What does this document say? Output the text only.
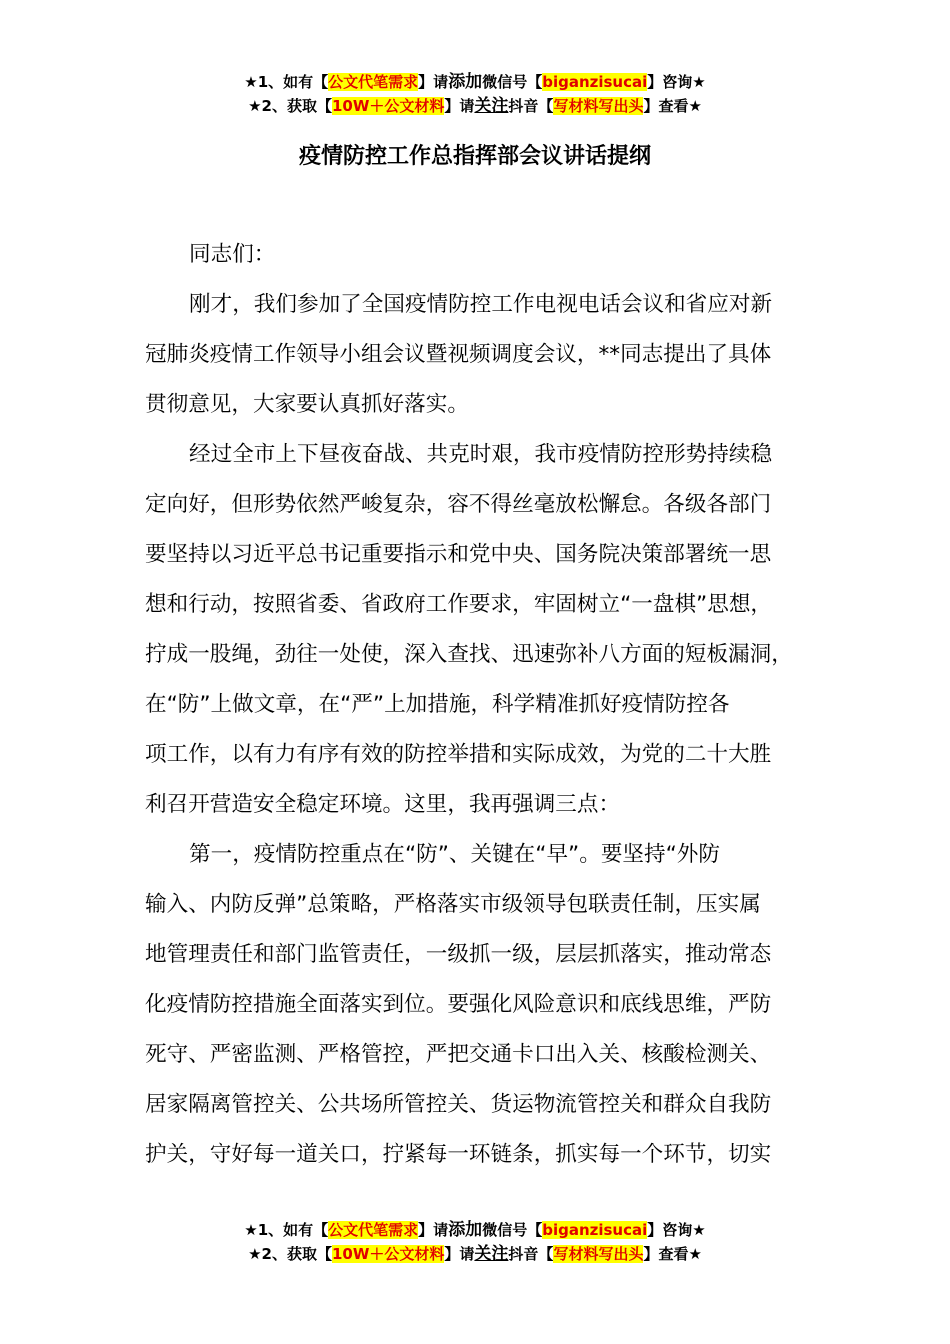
★1、如有【公文代笔需求】请添加微信号【biganzisucai】咨询★
★2、获取【10W＋公文材料】请关注抖音【写材料写出头】查看★
疫情防控工作总指挥部会议讲话提纲
同志们：
刚才，我们参加了全国疫情防控工作电视电话会议和省应对新
冠肺炎疫情工作领导小组会议暨视频调度会议，**同志提出了具体
贯彻意见，大家要认真抓好落实。
经过全市上下昼夜奋战、共克时艰，我市疫情防控形势持续稳
定向好，但形势依然严峻复杂，容不得丝毫放松懈怠。各级各部门
要坚持以习近平总书记重要指示和党中央、国务院决策部署统一思
想和行动，按照省委、省政府工作要求，牢固树立“一盘棋”思想，
拧成一股绳，劲往一处使，深入查找、迅速弥补八方面的短板漏洞，
在“防”上做文章，在“严”上加措施，科学精准抓好疫情防控各
项工作，以有力有序有效的防控举措和实际成效，为党的二十大胜
利召开营造安全稳定环境。这里，我再强调三点：
第一，疫情防控重点在“防”、关键在“早”。要坚持“外防
输入、内防反弹”总策略，严格落实市级领导包联责任制，压实属
地管理责任和部门监管责任，一级抓一级，层层抓落实，推动常态
化疫情防控措施全面落实到位。要强化风险意识和底线思维，严防
死守、严密监测、严格管控，严把交通卡口出入关、核酸检测关、
居家隔离管控关、公共场所管控关、货运物流管控关和群众自我防
护关，守好每一道关口，拧紧每一环链条，抓实每一个环节，切实
★1、如有【公文代笔需求】请添加微信号【biganzisucai】咨询★
★2、获取【10W＋公文材料】请关注抖音【写材料写出头】查看★
